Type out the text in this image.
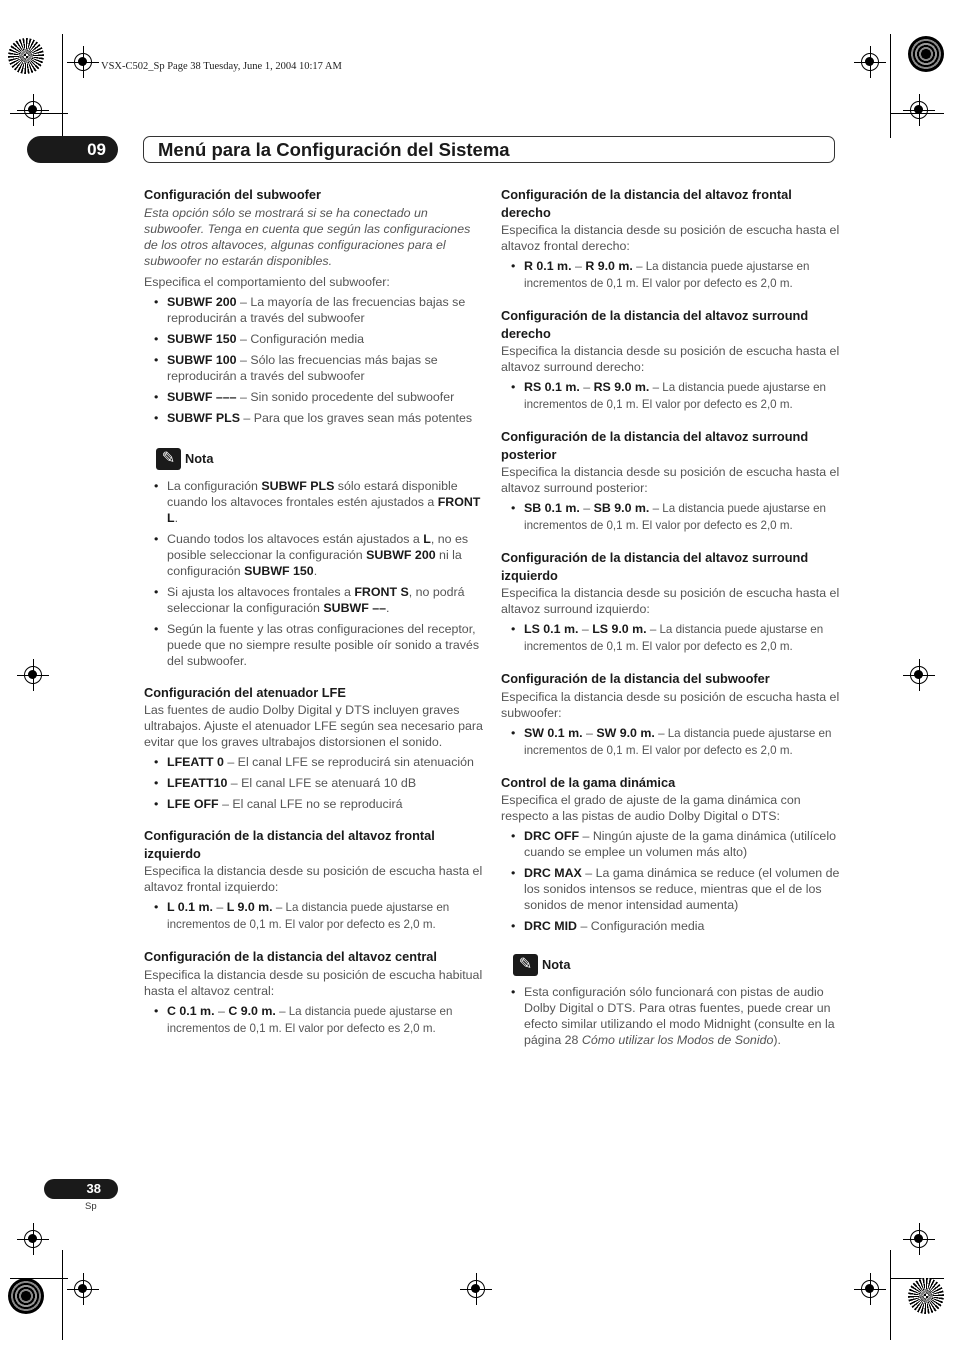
VSX-C502_Sp Page 38 Tuesday, June 1, 2004 10:17 AM
09	Menú para la Configuración del Sistema
Configuración del subwoofer

Esta opción sólo se mostrará si se ha conectado un subwoofer. Tenga en cuenta que según las configuraciones de los otros altavoces, algunas configuraciones para el subwoofer no estarán disponibles.

Especifica el comportamiento del subwoofer:

• SUBWF 200 – La mayoría de las frecuencias bajas se reproducirán a través del subwoofer
• SUBWF 150 – Configuración media
• SUBWF 100 – Sólo las frecuencias más bajas se reproducirán a través del subwoofer
• SUBWF ––– – Sin sonido procedente del subwoofer
• SUBWF PLS – Para que los graves sean más potentes
✎ Nota
• La configuración SUBWF PLS sólo estará disponible cuando los altavoces frontales estén ajustados a FRONT L.
• Cuando todos los altavoces están ajustados a L, no es posible seleccionar la configuración SUBWF 200 ni la configuración SUBWF 150.
• Si ajusta los altavoces frontales a FRONT S, no podrá seleccionar la configuración SUBWF ––.
• Según la fuente y las otras configuraciones del receptor, puede que no siempre resulte posible oír sonido a través del subwoofer.
Configuración del atenuador LFE

Las fuentes de audio Dolby Digital y DTS incluyen graves ultrabajos. Ajuste el atenuador LFE según sea necesario para evitar que los graves ultrabajos distorsionen el sonido.

• LFEATT 0 – El canal LFE se reproducirá sin atenuación
• LFEATT10 – El canal LFE se atenuará 10 dB
• LFE OFF – El canal LFE no se reproducirá
Configuración de la distancia del altavoz frontal izquierdo

Especifica la distancia desde su posición de escucha hasta el altavoz frontal izquierdo:

• L 0.1 m. – L 9.0 m. – La distancia puede ajustarse en incrementos de 0,1 m. El valor por defecto es 2,0 m.
Configuración de la distancia del altavoz central

Especifica la distancia desde su posición de escucha habitual hasta el altavoz central:

• C 0.1 m. – C 9.0 m. – La distancia puede ajustarse en incrementos de 0,1 m. El valor por defecto es 2,0 m.
Configuración de la distancia del altavoz frontal derecho

Especifica la distancia desde su posición de escucha hasta el altavoz frontal derecho:

• R 0.1 m. – R 9.0 m. – La distancia puede ajustarse en incrementos de 0,1 m. El valor por defecto es 2,0 m.
Configuración de la distancia del altavoz surround derecho

Especifica la distancia desde su posición de escucha hasta el altavoz surround derecho:

• RS 0.1 m. – RS 9.0 m. – La distancia puede ajustarse en incrementos de 0,1 m. El valor por defecto es 2,0 m.
Configuración de la distancia del altavoz surround posterior

Especifica la distancia desde su posición de escucha hasta el altavoz surround posterior:

• SB 0.1 m. – SB 9.0 m. – La distancia puede ajustarse en incrementos de 0,1 m. El valor por defecto es 2,0 m.
Configuración de la distancia del altavoz surround izquierdo

Especifica la distancia desde su posición de escucha hasta el altavoz surround izquierdo:

• LS 0.1 m. – LS 9.0 m. – La distancia puede ajustarse en incrementos de 0,1 m. El valor por defecto es 2,0 m.
Configuración de la distancia del subwoofer

Especifica la distancia desde su posición de escucha hasta el subwoofer:

• SW 0.1 m. – SW 9.0 m. – La distancia puede ajustarse en incrementos de 0,1 m. El valor por defecto es 2,0 m.
Control de la gama dinámica

Especifica el grado de ajuste de la gama dinámica con respecto a las pistas de audio Dolby Digital o DTS:

• DRC OFF – Ningún ajuste de la gama dinámica (utilícelo cuando se emplee un volumen más alto)
• DRC MAX – La gama dinámica se reduce (el volumen de los sonidos intensos se reduce, mientras que el de los sonidos de menor intensidad aumenta)
• DRC MID – Configuración media
✎ Nota
• Esta configuración sólo funcionará con pistas de audio Dolby Digital o DTS. Para otras fuentes, puede crear un efecto similar utilizando el modo Midnight (consulte en la página 28 Cómo utilizar los Modos de Sonido).
38
Sp
